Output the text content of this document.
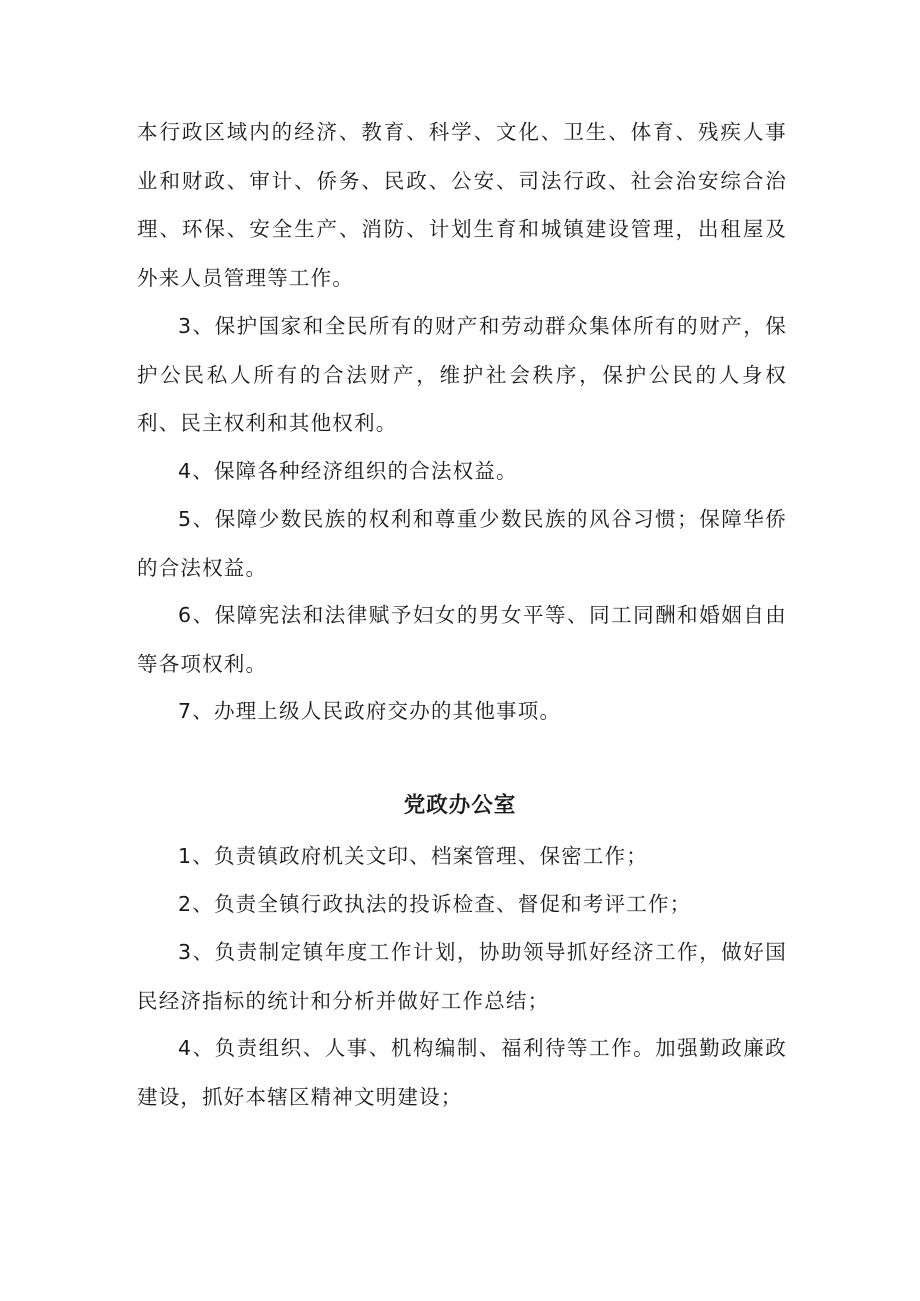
本行政区域内的经济、教育、科学、文化、卫生、体育、残疾人事业和财政、审计、侨务、民政、公安、司法行政、社会治安综合治理、环保、安全生产、消防、计划生育和城镇建设管理，出租屋及外来人员管理等工作。

3、保护国家和全民所有的财产和劳动群众集体所有的财产，保护公民私人所有的合法财产，维护社会秩序，保护公民的人身权利、民主权利和其他权利。

4、保障各种经济组织的合法权益。

5、保障少数民族的权利和尊重少数民族的风谷习惯；保障华侨的合法权益。

6、保障宪法和法律赋予妇女的男女平等、同工同酬和婚姻自由等各项权利。

7、办理上级人民政府交办的其他事项。

党政办公室

1、负责镇政府机关文印、档案管理、保密工作；

2、负责全镇行政执法的投诉检查、督促和考评工作；

3、负责制定镇年度工作计划，协助领导抓好经济工作，做好国民经济指标的统计和分析并做好工作总结；

4、负责组织、人事、机构编制、福利待等工作。加强勤政廉政建设，抓好本辖区精神文明建设；
